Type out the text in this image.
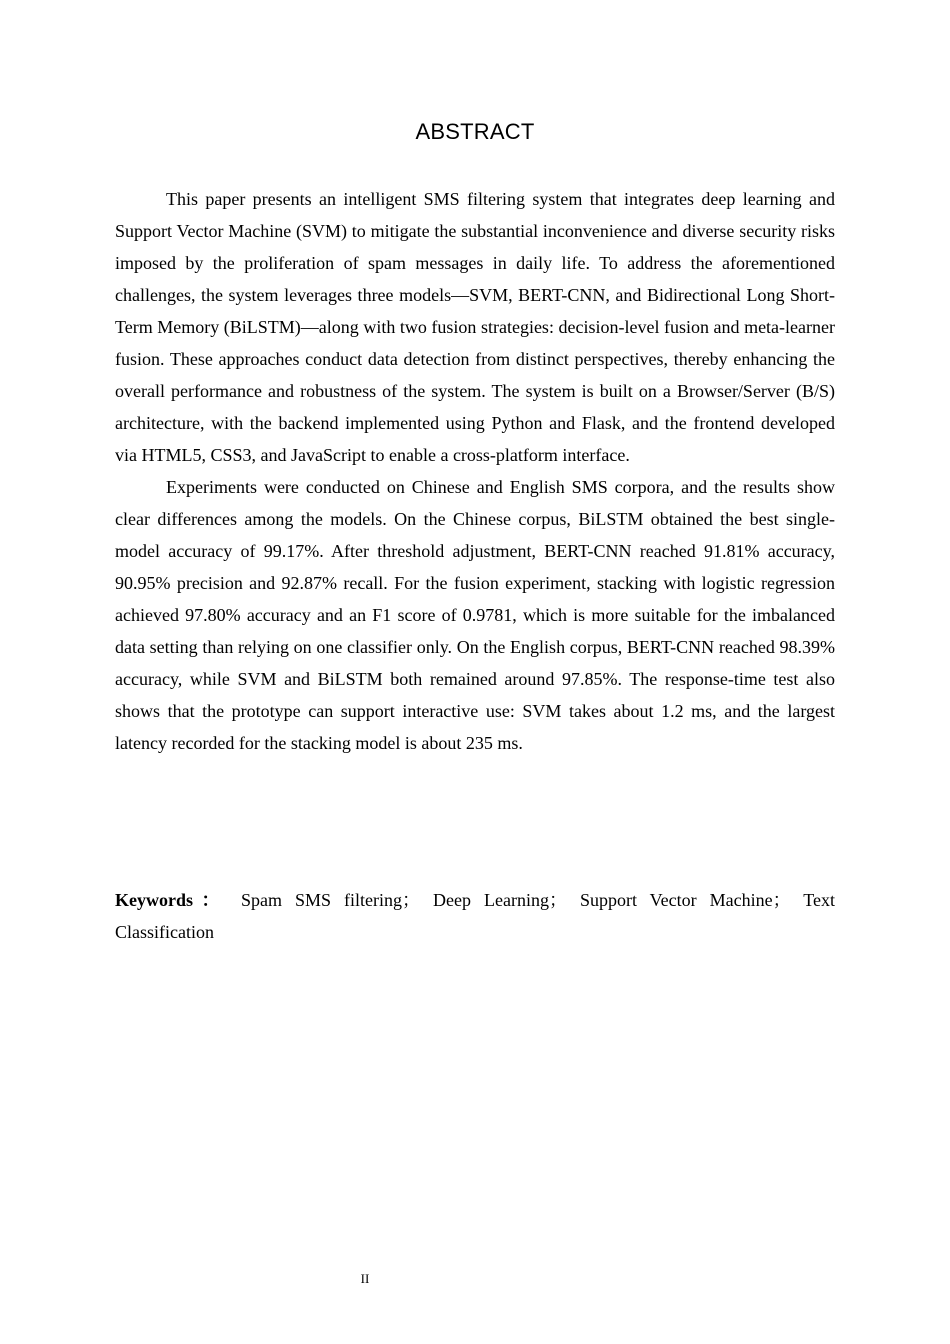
ABSTRACT

This paper presents an intelligent SMS filtering system that integrates deep learning and Support Vector Machine (SVM) to mitigate the substantial inconvenience and diverse security risks imposed by the proliferation of spam messages in daily life. To address the aforementioned challenges, the system leverages three models—SVM, BERT-CNN, and Bidirectional Long Short-Term Memory (BiLSTM)—along with two fusion strategies: decision-level fusion and meta-learner fusion. These approaches conduct data detection from distinct perspectives, thereby enhancing the overall performance and robustness of the system. The system is built on a Browser/Server (B/S) architecture, with the backend implemented using Python and Flask, and the frontend developed via HTML5, CSS3, and JavaScript to enable a cross-platform interface.

Experiments were conducted on Chinese and English SMS corpora, and the results show clear differences among the models. On the Chinese corpus, BiLSTM obtained the best single-model accuracy of 99.17%. After threshold adjustment, BERT-CNN reached 91.81% accuracy, 90.95% precision and 92.87% recall. For the fusion experiment, stacking with logistic regression achieved 97.80% accuracy and an F1 score of 0.9781, which is more suitable for the imbalanced data setting than relying on one classifier only. On the English corpus, BERT-CNN reached 98.39% accuracy, while SVM and BiLSTM both remained around 97.85%. The response-time test also shows that the prototype can support interactive use: SVM takes about 1.2 ms, and the largest latency recorded for the stacking model is about 235 ms.

Keywords： Spam SMS filtering； Deep Learning； Support Vector Machine； Text Classification

II
